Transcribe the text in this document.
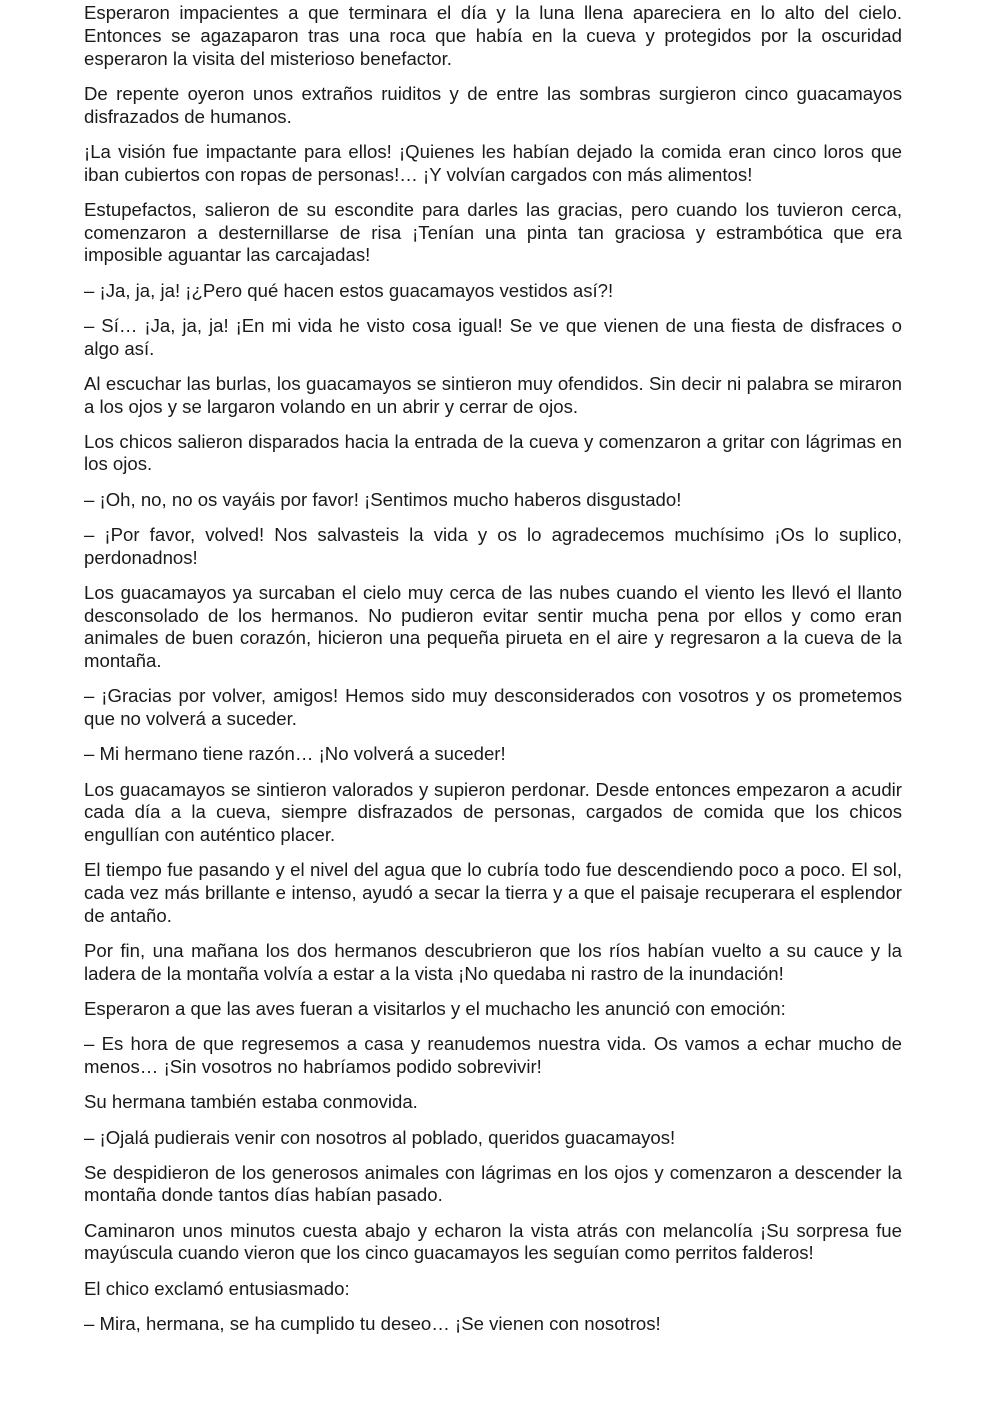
Esperaron impacientes a que terminara el día y la luna llena apareciera en lo alto del cielo. Entonces se agazaparon tras una roca que había en la cueva y protegidos por la oscuridad esperaron la visita del misterioso benefactor.

De repente oyeron unos extraños ruiditos y de entre las sombras surgieron cinco guacamayos disfrazados de humanos.

¡La visión fue impactante para ellos! ¡Quienes les habían dejado la comida eran cinco loros que iban cubiertos con ropas de personas!… ¡Y volvían cargados con más alimentos!

Estupefactos, salieron de su escondite para darles las gracias, pero cuando los tuvieron cerca, comenzaron a desternillarse de risa ¡Tenían una pinta tan graciosa y estrambótica que era imposible aguantar las carcajadas!

– ¡Ja, ja, ja! ¡¿Pero qué hacen estos guacamayos vestidos así?!

– Sí… ¡Ja, ja, ja! ¡En mi vida he visto cosa igual! Se ve que vienen de una fiesta de disfraces o algo así.

Al escuchar las burlas, los guacamayos se sintieron muy ofendidos. Sin decir ni palabra se miraron a los ojos y se largaron volando en un abrir y cerrar de ojos.

Los chicos salieron disparados hacia la entrada de la cueva y comenzaron a gritar con lágrimas en los ojos.

– ¡Oh, no, no os vayáis por favor! ¡Sentimos mucho haberos disgustado!

– ¡Por favor, volved! Nos salvasteis la vida y os lo agradecemos muchísimo ¡Os lo suplico, perdonadnos!

Los guacamayos ya surcaban el cielo muy cerca de las nubes cuando el viento les llevó el llanto desconsolado de los hermanos. No pudieron evitar sentir mucha pena por ellos y como eran animales de buen corazón, hicieron una pequeña pirueta en el aire y regresaron a la cueva de la montaña.

– ¡Gracias por volver, amigos! Hemos sido muy desconsiderados con vosotros y os prometemos que no volverá a suceder.

– Mi hermano tiene razón… ¡No volverá a suceder!

Los guacamayos se sintieron valorados y supieron perdonar. Desde entonces empezaron a acudir cada día a la cueva, siempre disfrazados de personas, cargados de comida que los chicos engullían con auténtico placer.

El tiempo fue pasando y el nivel del agua que lo cubría todo fue descendiendo poco a poco. El sol, cada vez más brillante e intenso, ayudó a secar la tierra y a que el paisaje recuperara el esplendor de antaño.

Por fin, una mañana los dos hermanos descubrieron que los ríos habían vuelto a su cauce y la ladera de la montaña volvía a estar a la vista ¡No quedaba ni rastro de la inundación!

Esperaron a que las aves fueran a visitarlos y el muchacho les anunció con emoción:

– Es hora de que regresemos a casa y reanudemos nuestra vida. Os vamos a echar mucho de menos… ¡Sin vosotros no habríamos podido sobrevivir!

Su hermana también estaba conmovida.

– ¡Ojalá pudierais venir con nosotros al poblado, queridos guacamayos!

Se despidieron de los generosos animales con lágrimas en los ojos y comenzaron a descender la montaña donde tantos días habían pasado.

Caminaron unos minutos cuesta abajo y echaron la vista atrás con melancolía ¡Su sorpresa fue mayúscula cuando vieron que los cinco guacamayos les seguían como perritos falderos!

El chico exclamó entusiasmado:

– Mira, hermana, se ha cumplido tu deseo… ¡Se vienen con nosotros!
